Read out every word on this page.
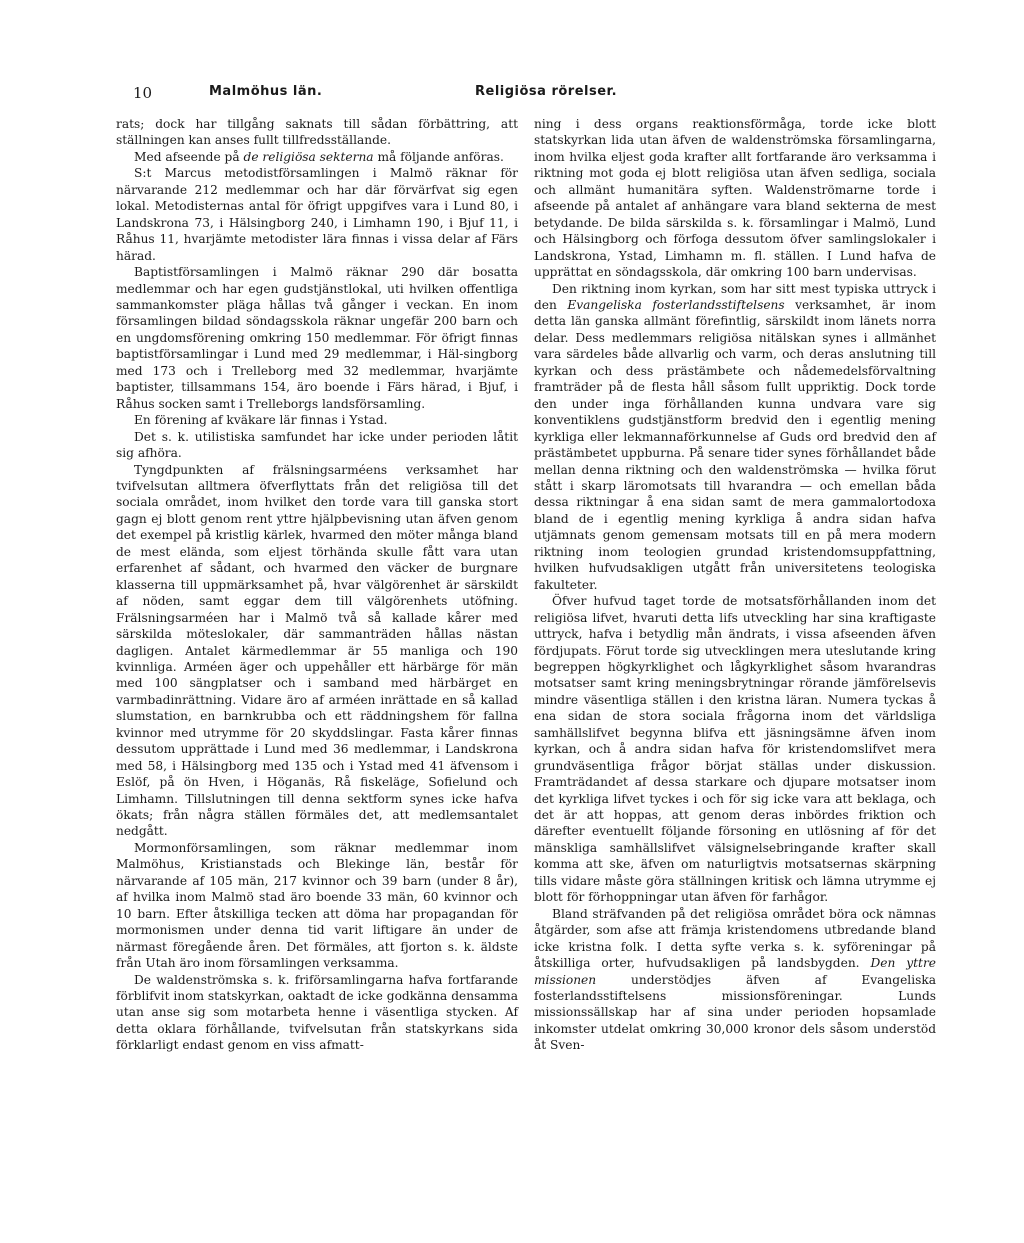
10	Malmöhus län.	Religiösa rörelser.

rats; dock har tillgång saknats till sådan förbättring, att ställningen kan anses fullt tillfredsställande.

Med afseende på de religiösa sekterna må följande anföras.

S:t Marcus metodistförsamlingen i Malmö räknar för närvarande 212 medlemmar och har där förvärfvat sig egen lokal. Metodisternas antal för öfrigt uppgifves vara i Lund 80, i Landskrona 73, i Hälsingborg 240, i Limhamn 190, i Bjuf 11, i Råhus 11, hvarjämte metodister lära finnas i vissa delar af Färs härad.

Baptistförsamlingen i Malmö räknar 290 där bosatta medlemmar och har egen gudstjänstlokal, uti hvilken offentliga sammankomster pläga hållas två gånger i veckan. En inom församlingen bildad söndagsskola räknar ungefär 200 barn och en ungdomsförening omkring 150 medlemmar. För öfrigt finnas baptistförsamlingar i Lund med 29 medlemmar, i Häl-singborg med 173 och i Trelleborg med 32 medlemmar, hvarjämte baptister, tillsammans 154, äro boende i Färs härad, i Bjuf, i Råhus socken samt i Trelleborgs landsförsamling.

En förening af kväkare lär finnas i Ystad.

Det s. k. utilistiska samfundet har icke under perioden låtit sig afhöra.

Tyngdpunkten af frälsningsarméens verksamhet har tvifvelsutan alltmera öfverflyttats från det religiösa till det sociala området, inom hvilket den torde vara till ganska stort gagn ej blott genom rent yttre hjälpbevisning utan äfven genom det exempel på kristlig kärlek, hvarmed den möter många bland de mest elända, som eljest törhända skulle fått vara utan erfarenhet af sådant, och hvarmed den väcker de burgnare klasserna till uppmärksamhet på, hvar välgörenhet är särskildt af nöden, samt eggar dem till välgörenhets utöfning. Frälsningsarméen har i Malmö två så kallade kårer med särskilda möteslokaler, där sammanträden hållas nästan dagligen. Antalet kärmedlemmar är 55 manliga och 190 kvinnliga. Arméen äger och uppehåller ett härbärge för män med 100 sängplatser och i samband med härbärget en varmbadinrättning. Vidare äro af arméen inrättade en så kallad slumstation, en barnkrubba och ett räddningshem för fallna kvinnor med utrymme för 20 skyddslingar. Fasta kårer finnas dessutom upprättade i Lund med 36 medlemmar, i Landskrona med 58, i Hälsingborg med 135 och i Ystad med 41 äfvensom i Eslöf, på ön Hven, i Höganäs, Rå fiskeläge, Sofielund och Limhamn. Tillslutningen till denna sektform synes icke hafva ökats; från några ställen förmäles det, att medlemsantalet nedgått.

Mormonförsamlingen, som räknar medlemmar inom Malmöhus, Kristianstads och Blekinge län, består för närvarande af 105 män, 217 kvinnor och 39 barn (under 8 år), af hvilka inom Malmö stad äro boende 33 män, 60 kvinnor och 10 barn. Efter åtskilliga tecken att döma har propagandan för mormonismen under denna tid varit liftigare än under de närmast föregående åren. Det förmäles, att fjorton s. k. äldste från Utah äro inom församlingen verksamma.

De waldenströmska s. k. friförsamlingarna hafva fortfarande förblifvit inom statskyrkan, oaktadt de icke godkänna densamma utan anse sig som motarbeta henne i väsentliga stycken. Af detta oklara förhållande, tvifvelsutan från statskyrkans sida förklarligt endast genom en viss afmatt-

ning i dess organs reaktionsförmåga, torde icke blott statskyrkan lida utan äfven de waldenströmska församlingarna, inom hvilka eljest goda krafter allt fortfarande äro verksamma i riktning mot goda ej blott religiösa utan äfven sedliga, sociala och allmänt humanitära syften. Waldenströmarne torde i afseende på antalet af anhängare vara bland sekterna de mest betydande. De bilda särskilda s. k. församlingar i Malmö, Lund och Hälsingborg och förfoga dessutom öfver samlingslokaler i Landskrona, Ystad, Limhamn m. fl. ställen. I Lund hafva de upprättat en söndagsskola, där omkring 100 barn undervisas.

Den riktning inom kyrkan, som har sitt mest typiska uttryck i den Evangeliska fosterlandsstiftelsens verksamhet, är inom detta län ganska allmänt förefintlig, särskildt inom länets norra delar. Dess medlemmars religiösa nitälskan synes i allmänhet vara särdeles både allvarlig och varm, och deras anslutning till kyrkan och dess prästämbete och nådemedelsförvaltning framträder på de flesta håll såsom fullt uppriktig. Dock torde den under inga förhållanden kunna undvara vare sig konventiklens gudstjänstform bredvid den i egentlig mening kyrkliga eller lekmannaförkunnelse af Guds ord bredvid den af prästämbetet uppburna. På senare tider synes förhållandet både mellan denna riktning och den waldenströmska — hvilka förut stått i skarp läromotsats till hvarandra — och emellan båda dessa riktningar å ena sidan samt de mera gammalortodoxa bland de i egentlig mening kyrkliga å andra sidan hafva utjämnats genom gemensam motsats till en på mera modern riktning inom teologien grundad kristendomsuppfattning, hvilken hufvudsakligen utgått från universitetens teologiska fakulteter.

Öfver hufvud taget torde de motsatsförhållanden inom det religiösa lifvet, hvaruti detta lifs utveckling har sina kraftigaste uttryck, hafva i betydlig mån ändrats, i vissa afseenden äfven fördjupats. Förut torde sig utvecklingen mera uteslutande kring begreppen högkyrklighet och lågkyrklighet såsom hvarandras motsatser samt kring meningsbrytningar rörande jämförelsevis mindre väsentliga ställen i den kristna läran. Numera tyckas å ena sidan de stora sociala frågorna inom det världsliga samhällslifvet begynna blifva ett jäsningsämne äfven inom kyrkan, och å andra sidan hafva för kristendomslifvet mera grundväsentliga frågor börjat ställas under diskussion. Framträdandet af dessa starkare och djupare motsatser inom det kyrkliga lifvet tyckes i och för sig icke vara att beklaga, och det är att hoppas, att genom deras inbördes friktion och därefter eventuellt följande försoning en utlösning af för det mänskliga samhällslifvet välsignelsebringande krafter skall komma att ske, äfven om naturligtvis motsatsernas skärpning tills vidare måste göra ställningen kritisk och lämna utrymme ej blott för förhoppningar utan äfven för farhågor.

Bland sträfvanden på det religiösa området böra ock nämnas åtgärder, som afse att främja kristendomens utbredande bland icke kristna folk. I detta syfte verka s. k. syföreningar på åtskilliga orter, hufvudsakligen på landsbygden. Den yttre missionen understödjes äfven af Evangeliska fosterlandsstiftelsens missionsföreningar. Lunds missionssällskap har af sina under perioden hopsamlade inkomster utdelat omkring 30,000 kronor dels såsom understöd åt Sven-
